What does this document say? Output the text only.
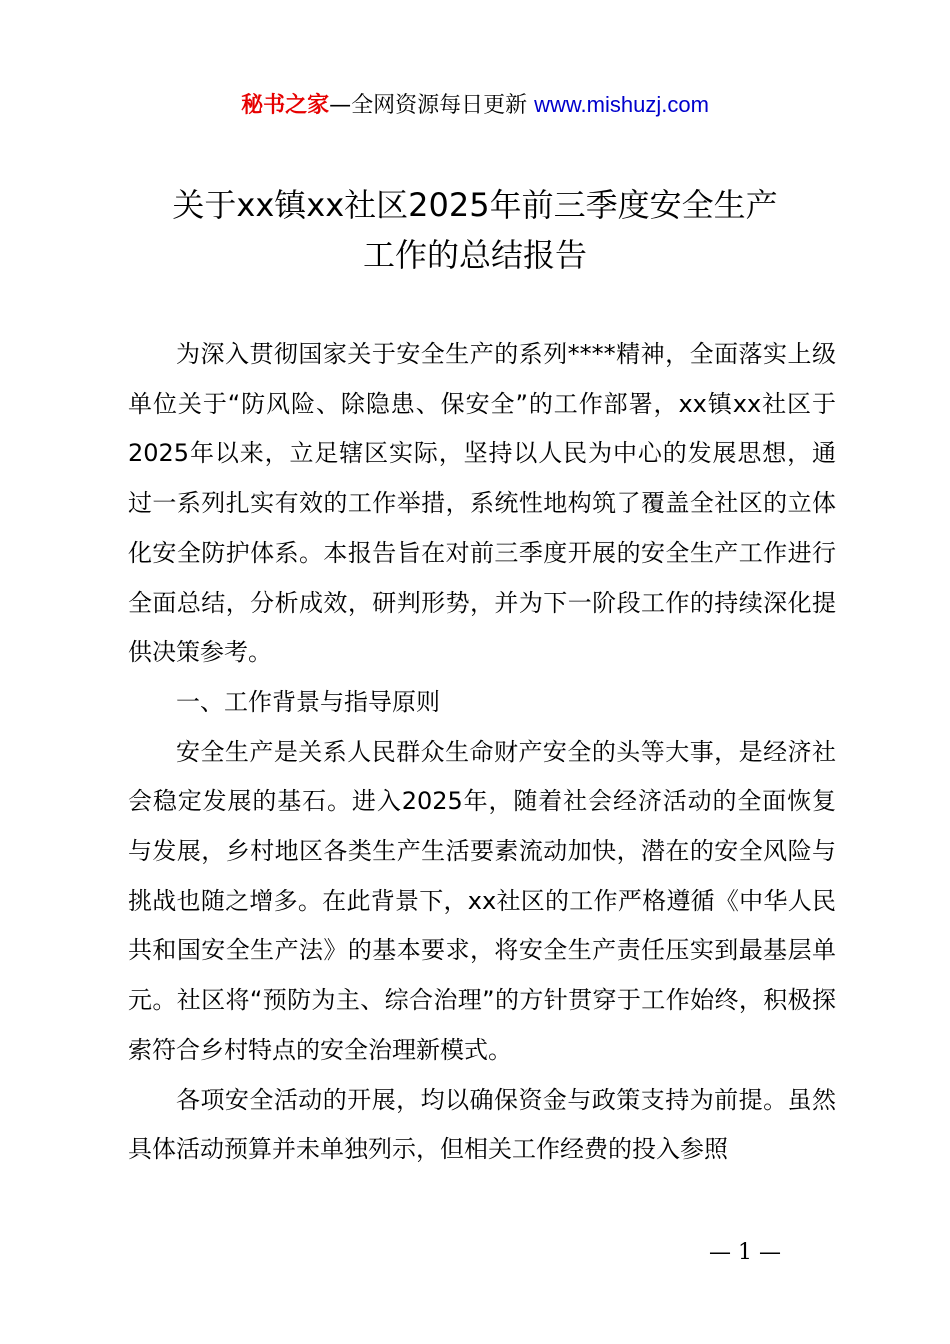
秘书之家—全网资源每日更新 www.mishuzj.com
关于xx镇xx社区2025年前三季度安全生产
工作的总结报告

为深入贯彻国家关于安全生产的系列****精神，全面落实上级单位关于“防风险、除隐患、保安全”的工作部署，xx镇xx社区于2025年以来，立足辖区实际，坚持以人民为中心的发展思想，通过一系列扎实有效的工作举措，系统性地构筑了覆盖全社区的立体化安全防护体系。本报告旨在对前三季度开展的安全生产工作进行全面总结，分析成效，研判形势，并为下一阶段工作的持续深化提供决策参考。

一、工作背景与指导原则

安全生产是关系人民群众生命财产安全的头等大事，是经济社会稳定发展的基石。进入2025年，随着社会经济活动的全面恢复与发展，乡村地区各类生产生活要素流动加快，潜在的安全风险与挑战也随之增多。在此背景下，xx社区的工作严格遵循《中华人民共和国安全生产法》的基本要求，将安全生产责任压实到最基层单元。社区将“预防为主、综合治理”的方针贯穿于工作始终，积极探索符合乡村特点的安全治理新模式。

各项安全活动的开展，均以确保资金与政策支持为前提。虽然具体活动预算并未单独列示，但相关工作经费的投入参照

— 1 —
